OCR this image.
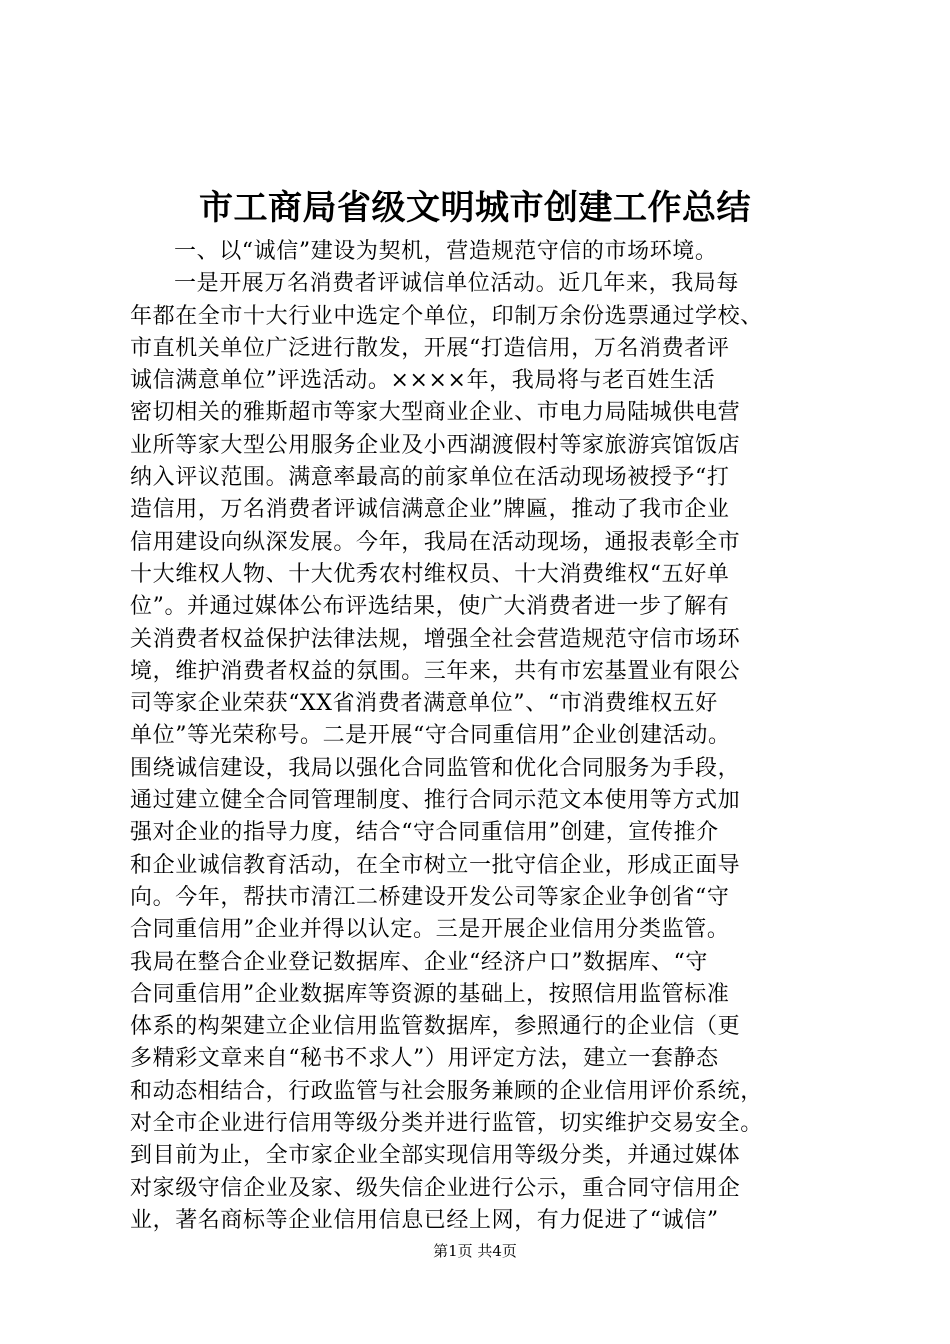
市工商局省级文明城市创建工作总结
一、以“诚信”建设为契机，营造规范守信的市场环境。
一是开展万名消费者评诚信单位活动。近几年来，我局每
年都在全市十大行业中选定个单位，印制万余份选票通过学校、
市直机关单位广泛进行散发，开展“打造信用，万名消费者评
诚信满意单位”评选活动。××××年，我局将与老百姓生活
密切相关的雅斯超市等家大型商业企业、市电力局陆城供电营
业所等家大型公用服务企业及小西湖渡假村等家旅游宾馆饭店
纳入评议范围。满意率最高的前家单位在活动现场被授予“打
造信用，万名消费者评诚信满意企业”牌匾，推动了我市企业
信用建设向纵深发展。今年，我局在活动现场，通报表彰全市
十大维权人物、十大优秀农村维权员、十大消费维权“五好单
位”。并通过媒体公布评选结果，使广大消费者进一步了解有
关消费者权益保护法律法规，增强全社会营造规范守信市场环
境，维护消费者权益的氛围。三年来，共有市宏基置业有限公
司等家企业荣获“XX省消费者满意单位”、“市消费维权五好
单位”等光荣称号。二是开展“守合同重信用”企业创建活动。
围绕诚信建设，我局以强化合同监管和优化合同服务为手段，
通过建立健全合同管理制度、推行合同示范文本使用等方式加
强对企业的指导力度，结合“守合同重信用”创建，宣传推介
和企业诚信教育活动，在全市树立一批守信企业，形成正面导
向。今年，帮扶市清江二桥建设开发公司等家企业争创省“守
合同重信用”企业并得以认定。三是开展企业信用分类监管。
我局在整合企业登记数据库、企业“经济户口”数据库、“守
合同重信用”企业数据库等资源的基础上，按照信用监管标准
体系的构架建立企业信用监管数据库，参照通行的企业信（更
多精彩文章来自“秘书不求人”）用评定方法，建立一套静态
和动态相结合，行政监管与社会服务兼顾的企业信用评价系统，
对全市企业进行信用等级分类并进行监管，切实维护交易安全。
到目前为止，全市家企业全部实现信用等级分类，并通过媒体
对家级守信企业及家、级失信企业进行公示，重合同守信用企
业，著名商标等企业信用信息已经上网，有力促进了“诚信”
第1页 共4页
